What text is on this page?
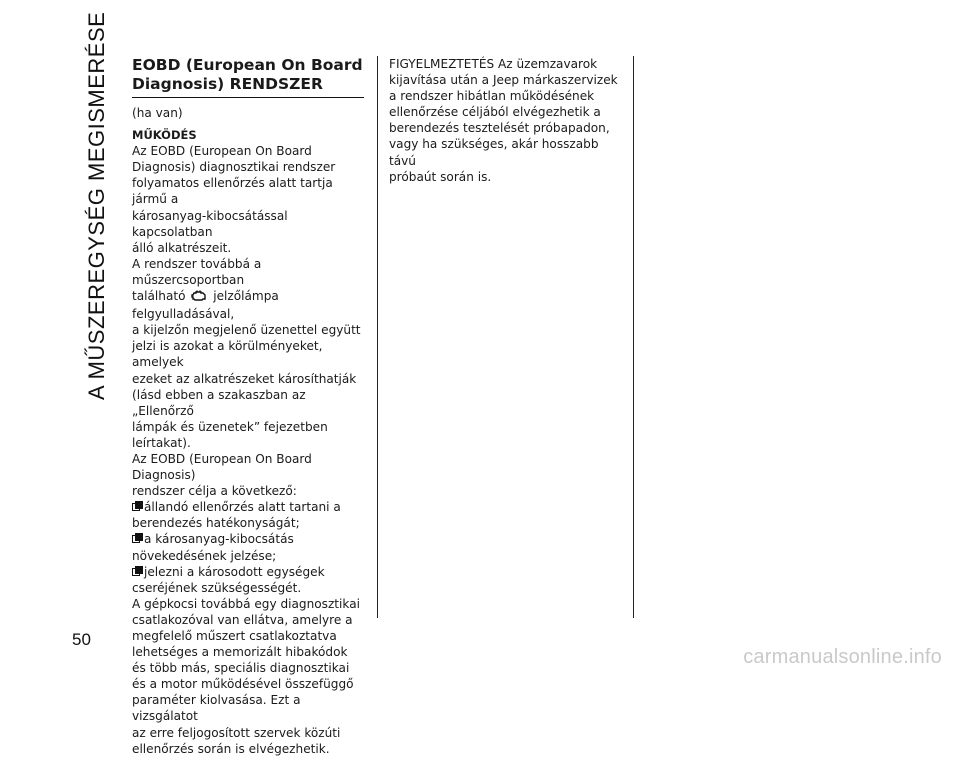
A MŰSZEREGYSÉG MEGISMERÉSE
50
EOBD (European On Board
Diagnosis) RENDSZER
(ha van)
MŰKÖDÉS
Az EOBD (European On Board
Diagnosis) diagnosztikai rendszer
folyamatos ellenőrzés alatt tartja jármű a
károsanyag-kibocsátással kapcsolatban
álló alkatrészeit.
A rendszer továbbá a műszercsoportban
található jelzőlámpa felgyulladásával,
a kijelzőn megjelenő üzenettel együtt
jelzi is azokat a körülményeket, amelyek
ezeket az alkatrészeket károsíthatják
(lásd ebben a szakaszban az „Ellenőrző
lámpák és üzenetek” fejezetben
leírtakat).
Az EOBD (European On Board Diagnosis)
rendszer célja a következő:
állandó ellenőrzés alatt tartani a
berendezés hatékonyságát;
a károsanyag-kibocsátás
növekedésének jelzése;
jelezni a károsodott egységek
cseréjének szükségességét.
A gépkocsi továbbá egy diagnosztikai
csatlakozóval van ellátva, amelyre a
megfelelő műszert csatlakoztatva
lehetséges a memorizált hibakódok
és több más, speciális diagnosztikai
és a motor működésével összefüggő
paraméter kiolvasása. Ezt a vizsgálatot
az erre feljogosított szervek közúti
ellenőrzés során is elvégezhetik.
FIGYELMEZTETÉS Az üzemzavarok
kijavítása után a Jeep márkaszervizek
a rendszer hibátlan működésének
ellenőrzése céljából elvégezhetik a
berendezés tesztelését próbapadon,
vagy ha szükséges, akár hosszabb távú
próbaút során is.
carmanualsonline.info
